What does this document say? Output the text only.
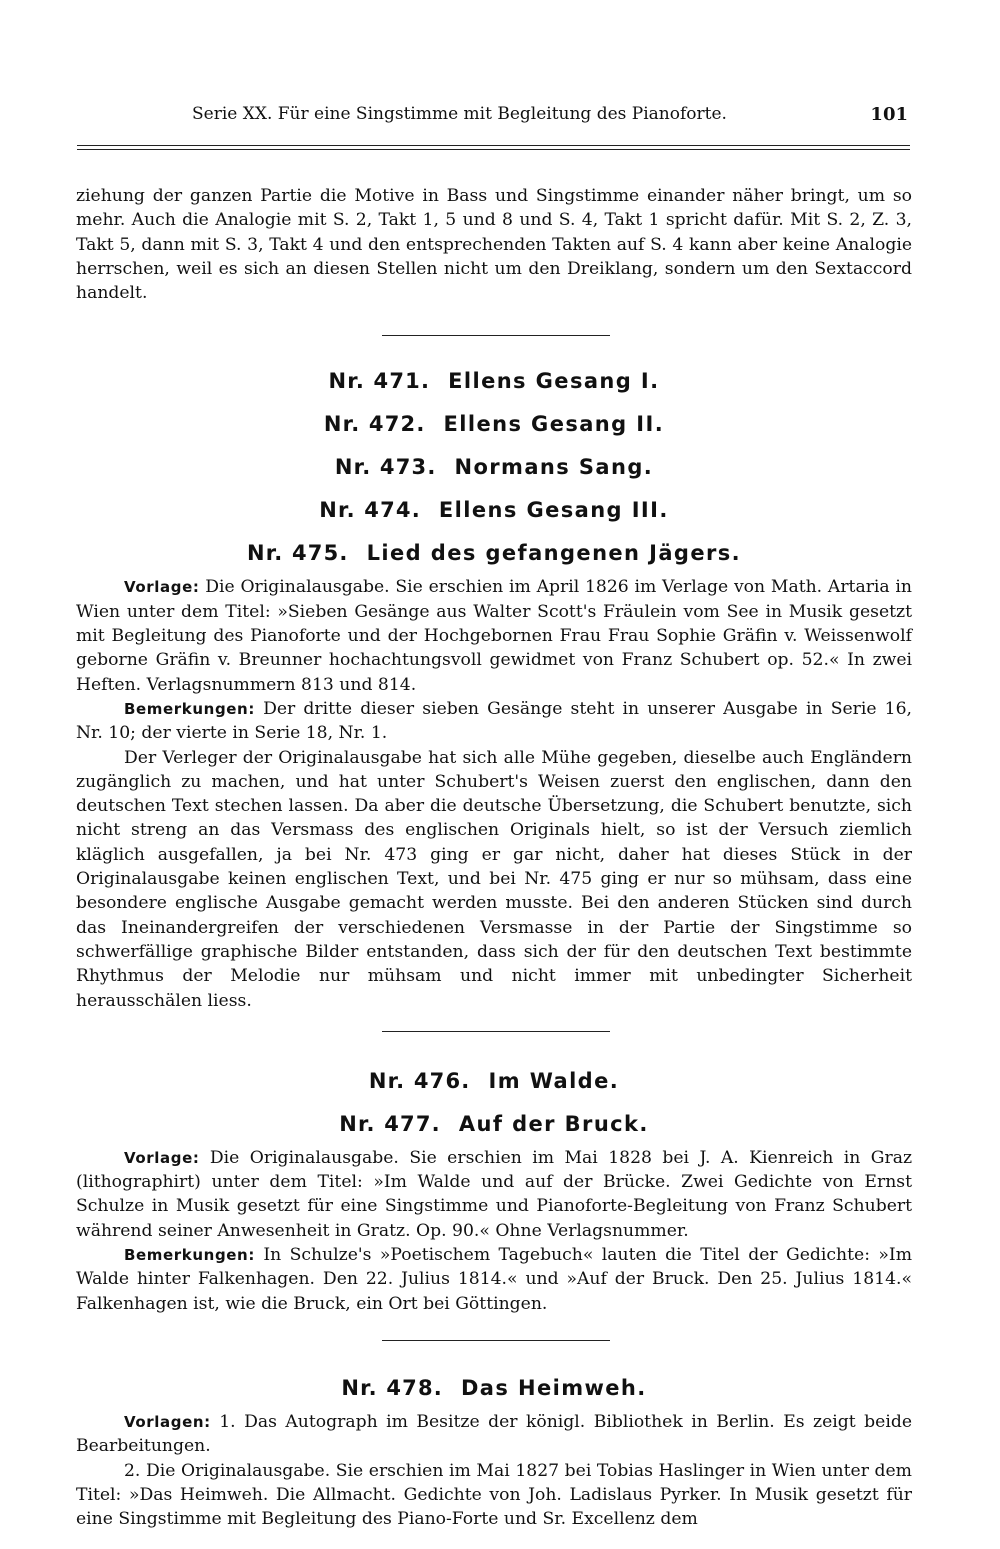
Serie XX. Für eine Singstimme mit Begleitung des Pianoforte.	101

ziehung der ganzen Partie die Motive in Bass und Singstimme einander näher bringt, um so mehr. Auch die Analogie mit S. 2, Takt 1, 5 und 8 und S. 4, Takt 1 spricht dafür. Mit S. 2, Z. 3, Takt 5, dann mit S. 3, Takt 4 und den entsprechenden Takten auf S. 4 kann aber keine Analogie herrschen, weil es sich an diesen Stellen nicht um den Dreiklang, sondern um den Sextaccord handelt.

Nr. 471. Ellens Gesang I.
Nr. 472. Ellens Gesang II.
Nr. 473. Normans Sang.
Nr. 474. Ellens Gesang III.
Nr. 475. Lied des gefangenen Jägers.

Vorlage: Die Originalausgabe. Sie erschien im April 1826 im Verlage von Math. Artaria in Wien unter dem Titel: »Sieben Gesänge aus Walter Scott's Fräulein vom See in Musik gesetzt mit Begleitung des Pianoforte und der Hochgebornen Frau Frau Sophie Gräfin v. Weissenwolf geborne Gräfin v. Breunner hochachtungsvoll gewidmet von Franz Schubert op. 52.« In zwei Heften. Verlagsnummern 813 und 814.

Bemerkungen: Der dritte dieser sieben Gesänge steht in unserer Ausgabe in Serie 16, Nr. 10; der vierte in Serie 18, Nr. 1.

Der Verleger der Originalausgabe hat sich alle Mühe gegeben, dieselbe auch Engländern zugänglich zu machen, und hat unter Schubert's Weisen zuerst den englischen, dann den deutschen Text stechen lassen. Da aber die deutsche Übersetzung, die Schubert benutzte, sich nicht streng an das Versmass des englischen Originals hielt, so ist der Versuch ziemlich kläglich ausgefallen, ja bei Nr. 473 ging er gar nicht, daher hat dieses Stück in der Originalausgabe keinen englischen Text, und bei Nr. 475 ging er nur so mühsam, dass eine besondere englische Ausgabe gemacht werden musste. Bei den anderen Stücken sind durch das Ineinandergreifen der verschiedenen Versmasse in der Partie der Singstimme so schwerfällige graphische Bilder entstanden, dass sich der für den deutschen Text bestimmte Rhythmus der Melodie nur mühsam und nicht immer mit unbedingter Sicherheit herausschälen liess.

Nr. 476. Im Walde.
Nr. 477. Auf der Bruck.

Vorlage: Die Originalausgabe. Sie erschien im Mai 1828 bei J. A. Kienreich in Graz (lithographirt) unter dem Titel: »Im Walde und auf der Brücke. Zwei Gedichte von Ernst Schulze in Musik gesetzt für eine Singstimme und Pianoforte-Begleitung von Franz Schubert während seiner Anwesenheit in Gratz. Op. 90.« Ohne Verlagsnummer.

Bemerkungen: In Schulze's »Poetischem Tagebuch« lauten die Titel der Gedichte: »Im Walde hinter Falkenhagen. Den 22. Julius 1814.« und »Auf der Bruck. Den 25. Julius 1814.« Falkenhagen ist, wie die Bruck, ein Ort bei Göttingen.

Nr. 478. Das Heimweh.

Vorlagen: 1. Das Autograph im Besitze der königl. Bibliothek in Berlin. Es zeigt beide Bearbeitungen.

2. Die Originalausgabe. Sie erschien im Mai 1827 bei Tobias Haslinger in Wien unter dem Titel: »Das Heimweh. Die Allmacht. Gedichte von Joh. Ladislaus Pyrker. In Musik gesetzt für eine Singstimme mit Begleitung des Piano-Forte und Sr. Excellenz dem
